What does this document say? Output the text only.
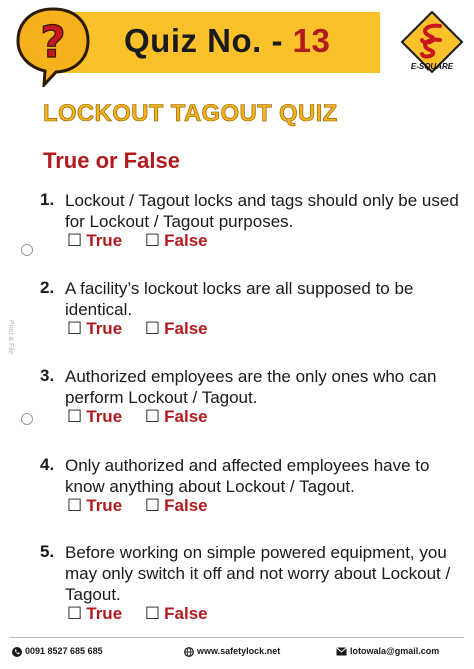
? Quiz No. - 13
E-SQUARE
LOCKOUT TAGOUT QUIZ
True or False
1. Lockout / Tagout locks and tags should only be used for Lockout / Tagout purposes.
☐ True ☐ False
2. A facility’s lockout locks are all supposed to be identical.
☐ True ☐ False
3. Authorized employees are the only ones who can perform Lockout / Tagout.
☐ True ☐ False
4. Only authorized and affected employees have to know anything about Lockout / Tagout.
☐ True ☐ False
5. Before working on simple powered equipment, you may only switch it off and not worry about Lockout / Tagout.
☐ True ☐ False
Print & File
0091 8527 685 685	www.safetylock.net	lotowala@gmail.com
